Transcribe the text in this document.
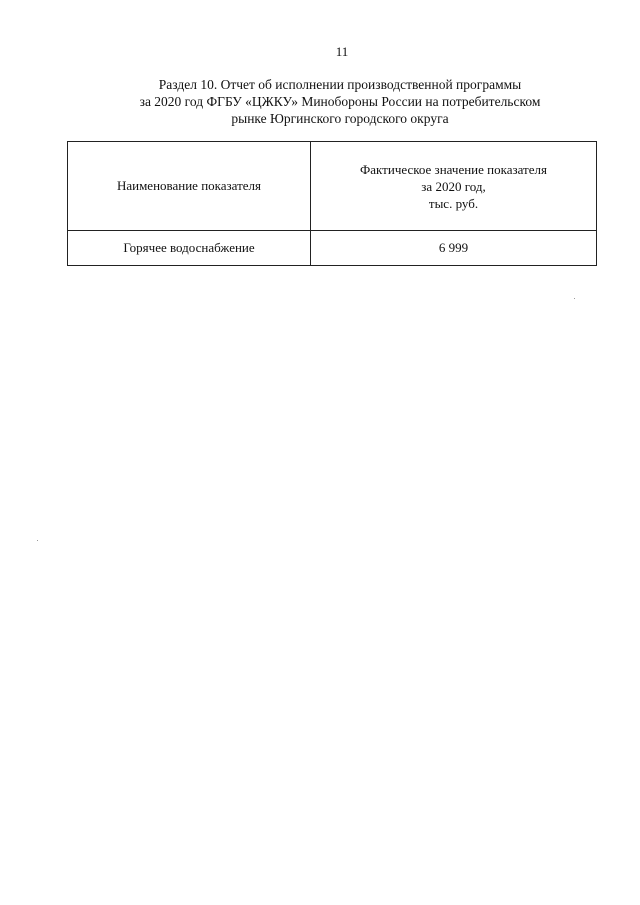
11
Раздел 10. Отчет об исполнении производственной программы
за 2020 год ФГБУ «ЦЖКУ» Минобороны России на потребительском
рынке Юргинского городского округа
Наименование показателя	Фактическое значение показателя
за 2020 год,
тыс. руб.

Горячее водоснабжение	6 999
